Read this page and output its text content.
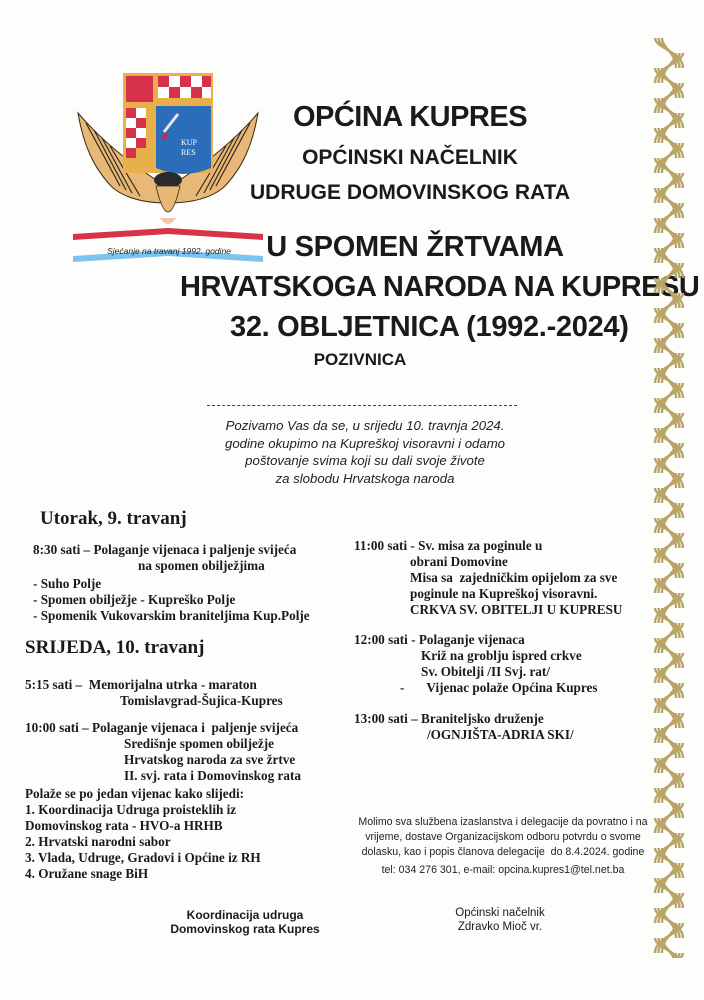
KUP
RES
Sjećanje na travanj 1992. godine
OPĆINA KUPRES
OPĆINSKI NAČELNIK
UDRUGE DOMOVINSKOG RATA
U SPOMEN ŽRTVAMA
HRVATSKOGA NARODA NA KUPRESU
32. OBLJETNICA (1992.-2024)
POZIVNICA
Pozivamo Vas da se, u srijedu 10. travnja 2024.
godine okupimo na Kupreškoj visoravni i odamo
poštovanje svima koji su dali svoje živote
za slobodu Hrvatskoga naroda
Utorak, 9. travanj
8:30 sati – Polaganje vijenaca i paljenje svijeća
na spomen obilježjima
- Suho Polje
- Spomen obilježje - Kupreško Polje
- Spomenik Vukovarskim braniteljima Kup.Polje
SRIJEDA, 10. travanj
5:15 sati –  Memorijalna utrka - maraton
Tomislavgrad-Šujica-Kupres
10:00 sati – Polaganje vijenaca i  paljenje svijeća
Središnje spomen obilježje
Hrvatskog naroda za sve žrtve
II. svj. rata i Domovinskog rata
Polaže se po jedan vijenac kako slijedi:
1. Koordinacija Udruga proisteklih iz
Domovinskog rata - HVO-a HRHB
2. Hrvatski narodni sabor
3. Vlada, Udruge, Gradovi i Općine iz RH
4. Oružane snage BiH
11:00 sati - Sv. misa za poginule u
obrani Domovine
Misa sa  zajedničkim opijelom za sve
poginule na Kupreškoj visoravni.
CRKVA SV. OBITELJI U KUPRESU
12:00 sati - Polaganje vijenaca
Križ na groblju ispred crkve
Sv. Obitelji /II Svj. rat/
- Vijenac polaže Općina Kupres
13:00 sati – Braniteljsko druženje
/OGNJIŠTA-ADRIA SKI/
Molimo sva službena izaslanstva i delegacije da povratno i na
vrijeme, dostave Organizacijskom odboru potvrdu o svome
dolasku, kao i popis članova delegacije  do 8.4.2024. godine
tel: 034 276 301, e-mail: opcina.kupres1@tel.net.ba
Koordinacija udruga
Domovinskog rata Kupres
Općinski načelnik
Zdravko Mioč vr.
